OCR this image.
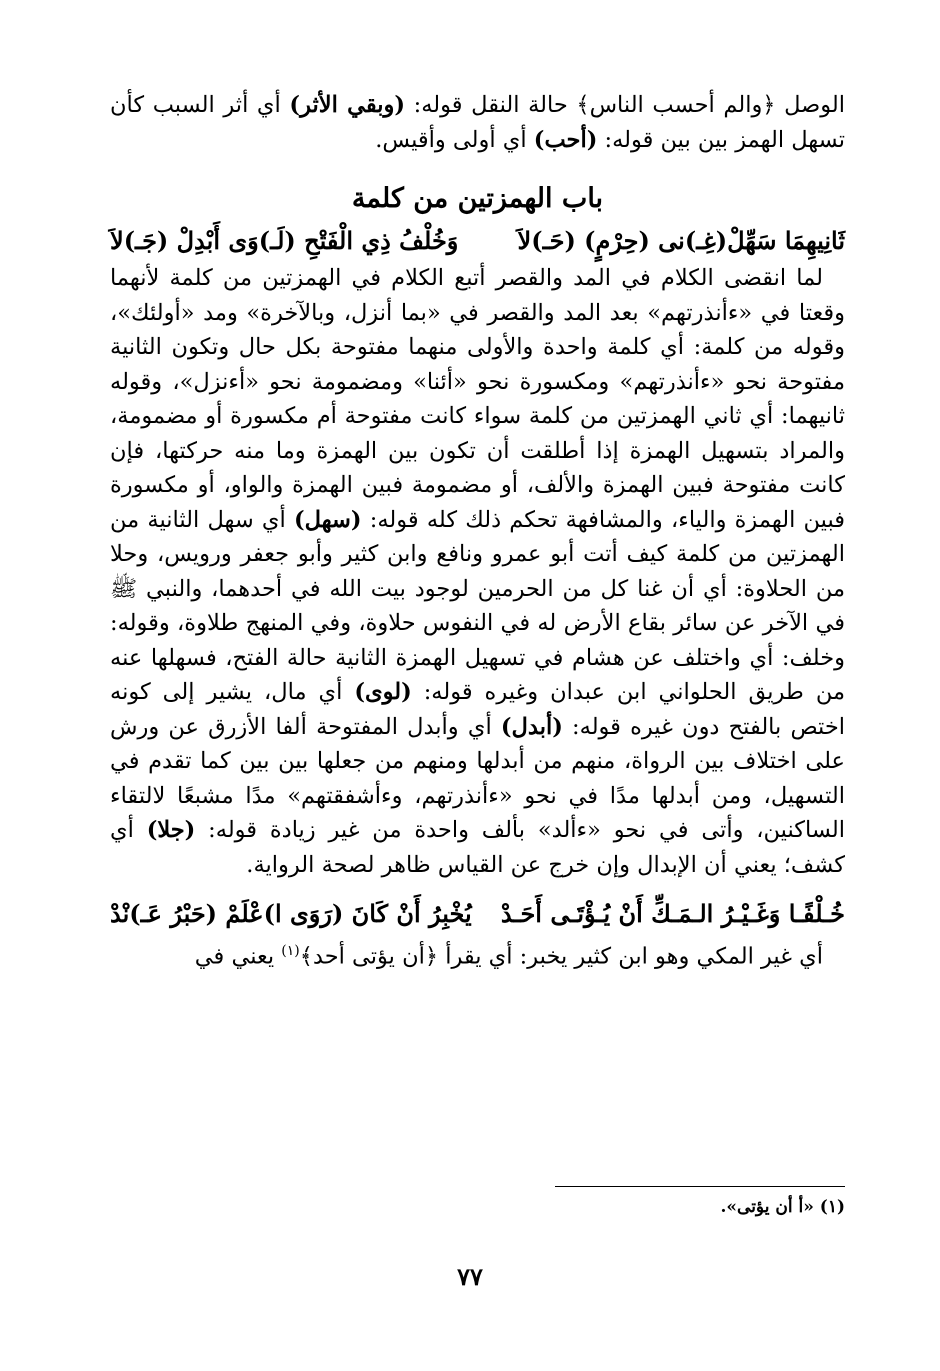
الوصل ﴿والم أحسب الناس﴾ حالة النقل قوله: (وبقي الأثر) أي أثر السبب كأن تسهل الهمز بين بين قوله: (أحب) أي أولى وأقيس.

باب الهمزتين من كلمة
ثَانِيهِمَا سَهِّلْ(غِـ)نى (حِرْمٍ) (حَـ)لاَ
وَخُلْفُ ذِي الْفَتْحِ (لَـ)وَى أَبْدِلْ (جَـ)لاَ

لما انقضى الكلام في المد والقصر أتبع الكلام في الهمزتين من كلمة لأنهما وقعتا في «ءأنذرتهم» بعد المد والقصر في «بما أنزل، وبالآخرة» ومد «أولئك»، وقوله من كلمة: أي كلمة واحدة والأولى منهما مفتوحة بكل حال وتكون الثانية مفتوحة نحو «ءأنذرتهم» ومكسورة نحو «أئنا» ومضمومة نحو «أءنزل»، وقوله ثانيهما: أي ثاني الهمزتين من كلمة سواء كانت مفتوحة أم مكسورة أو مضمومة، والمراد بتسهيل الهمزة إذا أطلقت أن تكون بين الهمزة وما منه حركتها، فإن كانت مفتوحة فبين الهمزة والألف، أو مضمومة فبين الهمزة والواو، أو مكسورة فبين الهمزة والياء، والمشافهة تحكم ذلك كله قوله: (سهل) أي سهل الثانية من الهمزتين من كلمة كيف أتت أبو عمرو ونافع وابن كثير وأبو جعفر ورويس، وحلا من الحلاوة: أي أن غنا كل من الحرمين لوجود بيت الله في أحدهما، والنبي ﷺ في الآخر عن سائر بقاع الأرض له في النفوس حلاوة، وفي المنهج طلاوة، وقوله: وخلف: أي واختلف عن هشام في تسهيل الهمزة الثانية حالة الفتح، فسهلها عنه من طريق الحلواني ابن عبدان وغيره قوله: (لوى) أي مال، يشير إلى كونه اختص بالفتح دون غيره قوله: (أبدل) أي وأبدل المفتوحة ألفا الأزرق عن ورش على اختلاف بين الرواة، منهم من أبدلها ومنهم من جعلها بين بين كما تقدم في التسهيل، ومن أبدلها مدًا في نحو «ءأنذرتهم، وءأشفقتهم» مدًا مشبعًا لالتقاء الساكنين، وأتى في نحو «ءألد» بألف واحدة من غير زيادة قوله: (جلا) أي كشف؛ يعني أن الإبدال وإن خرج عن القياس ظاهر لصحة الرواية.

خُـلْفًـا وَغَـيْـرُ الـمَـكِّ أَنْ يُـؤْتَـى أَحَـدْ
يُخْبِرُ أَنْ كَانَ (رَوَى ا)عْلَمْ (حَبْرُ عَـ)نْدْ

أي غير المكي وهو ابن كثير يخبر: أي يقرأ ﴿أن يؤتى أحد﴾$^{(١)}$ يعني في

(١) «أ أن يؤتى».
٧٧
